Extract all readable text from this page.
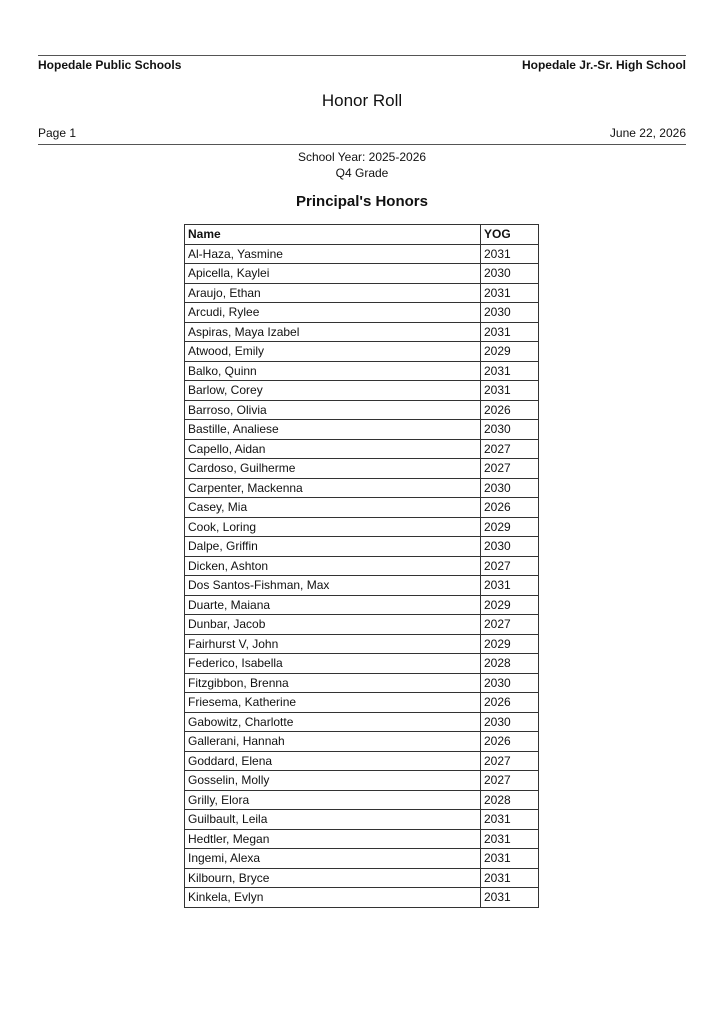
Hopedale Public Schools	Hopedale Jr.-Sr. High School
Honor Roll
Page 1	June 22, 2026
School Year: 2025-2026
Q4 Grade
Principal's Honors
Name	YOG
Al-Haza, Yasmine	2031
Apicella, Kaylei	2030
Araujo, Ethan	2031
Arcudi, Rylee	2030
Aspiras, Maya Izabel	2031
Atwood, Emily	2029
Balko, Quinn	2031
Barlow, Corey	2031
Barroso, Olivia	2026
Bastille, Analiese	2030
Capello, Aidan	2027
Cardoso, Guilherme	2027
Carpenter, Mackenna	2030
Casey, Mia	2026
Cook, Loring	2029
Dalpe, Griffin	2030
Dicken, Ashton	2027
Dos Santos-Fishman, Max	2031
Duarte, Maiana	2029
Dunbar, Jacob	2027
Fairhurst V, John	2029
Federico, Isabella	2028
Fitzgibbon, Brenna	2030
Friesema, Katherine	2026
Gabowitz, Charlotte	2030
Gallerani, Hannah	2026
Goddard, Elena	2027
Gosselin, Molly	2027
Grilly, Elora	2028
Guilbault, Leila	2031
Hedtler, Megan	2031
Ingemi, Alexa	2031
Kilbourn, Bryce	2031
Kinkela, Evlyn	2031
